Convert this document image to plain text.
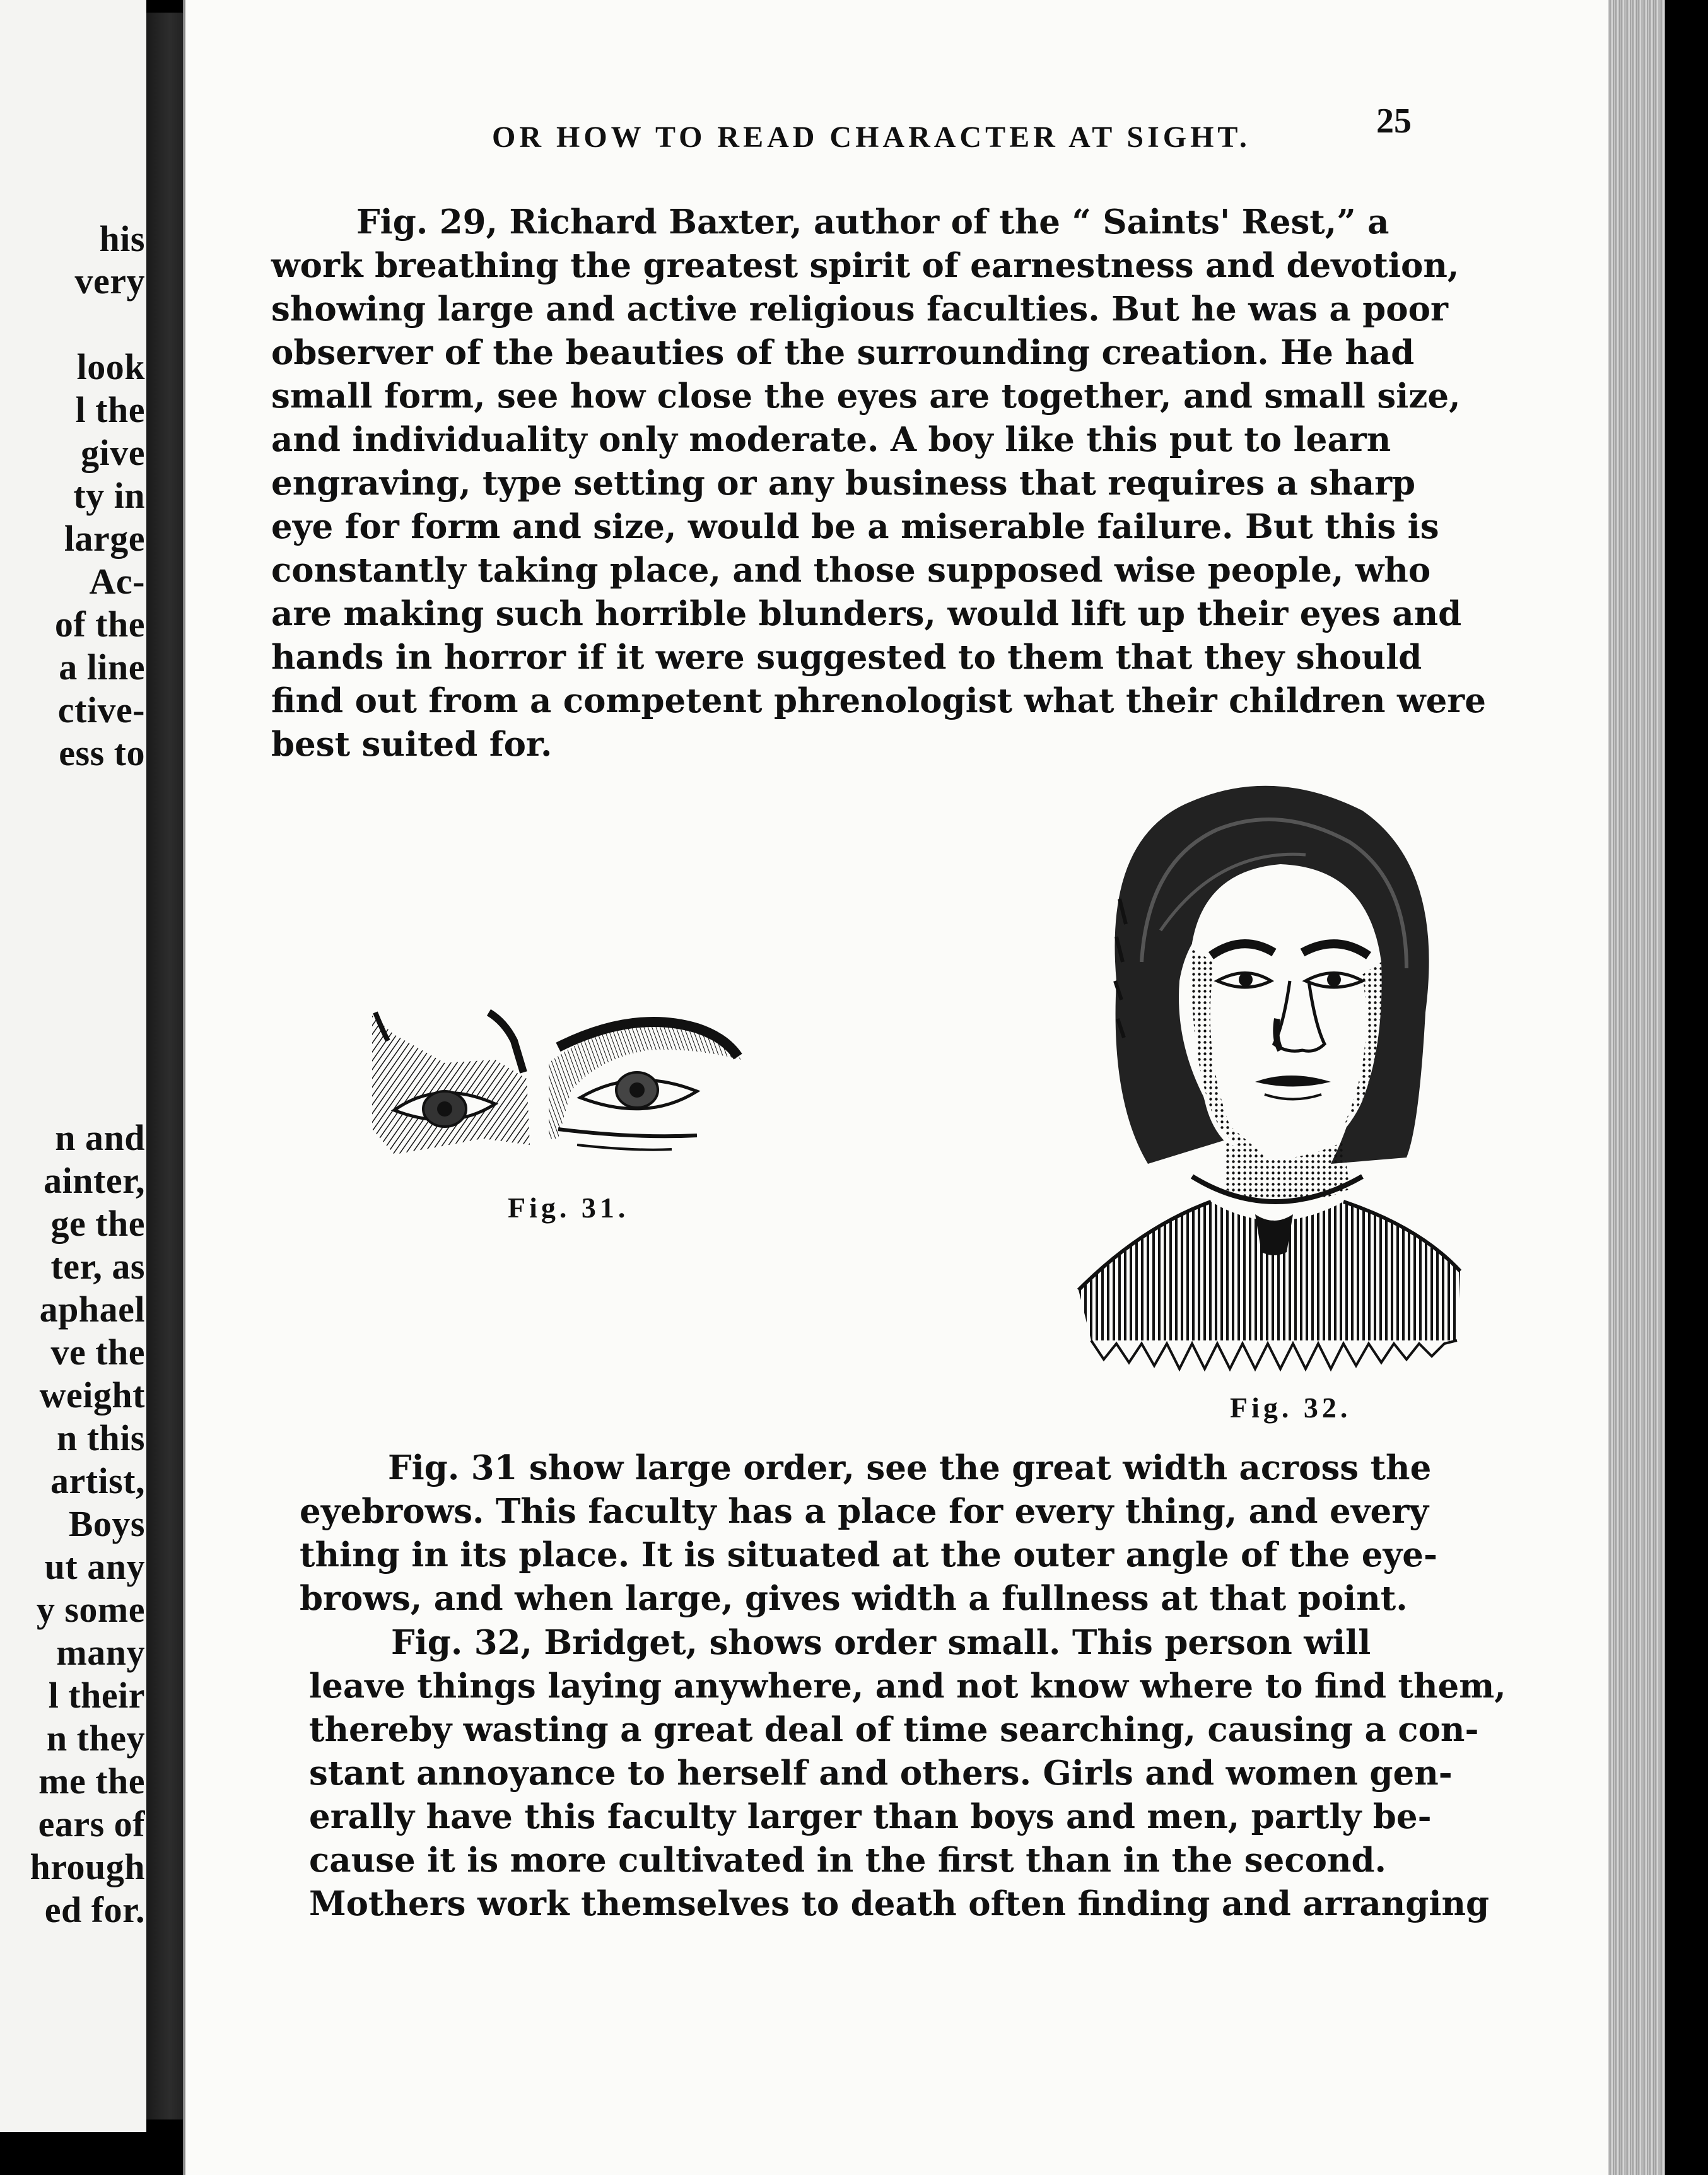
his
very
look
l the
give
ty in
large
Ac-
of the
a line
ctive-
ess to
n and
ainter,
ge the
ter, as
aphael
ve the
weight
n this
artist,
Boys
ut any
y some
many
l their
n they
me the
ears of
hrough
ed for.
OR HOW TO READ CHARACTER AT SIGHT.	25
Fig. 29, Richard Baxter, author of the “ Saints' Rest,” a
work breathing the greatest spirit of earnestness and devotion,
showing large and active religious faculties. But he was a poor
observer of the beauties of the surrounding creation. He had
small form, see how close the eyes are together, and small size,
and individuality only moderate. A boy like this put to learn
engraving, type setting or any business that requires a sharp
eye for form and size, would be a miserable failure. But this is
constantly taking place, and those supposed wise people, who
are making such horrible blunders, would lift up their eyes and
hands in horror if it were suggested to them that they should
find out from a competent phrenologist what their children were
best suited for.
Fig. 31.
Fig. 32.
Fig. 31 show large order, see the great width across the
eyebrows. This faculty has a place for every thing, and every
thing in its place. It is situated at the outer angle of the eye-
brows, and when large, gives width a fullness at that point.
Fig. 32, Bridget, shows order small. This person will
leave things laying anywhere, and not know where to find them,
thereby wasting a great deal of time searching, causing a con-
stant annoyance to herself and others. Girls and women gen-
erally have this faculty larger than boys and men, partly be-
cause it is more cultivated in the first than in the second.
Mothers work themselves to death often finding and arranging
